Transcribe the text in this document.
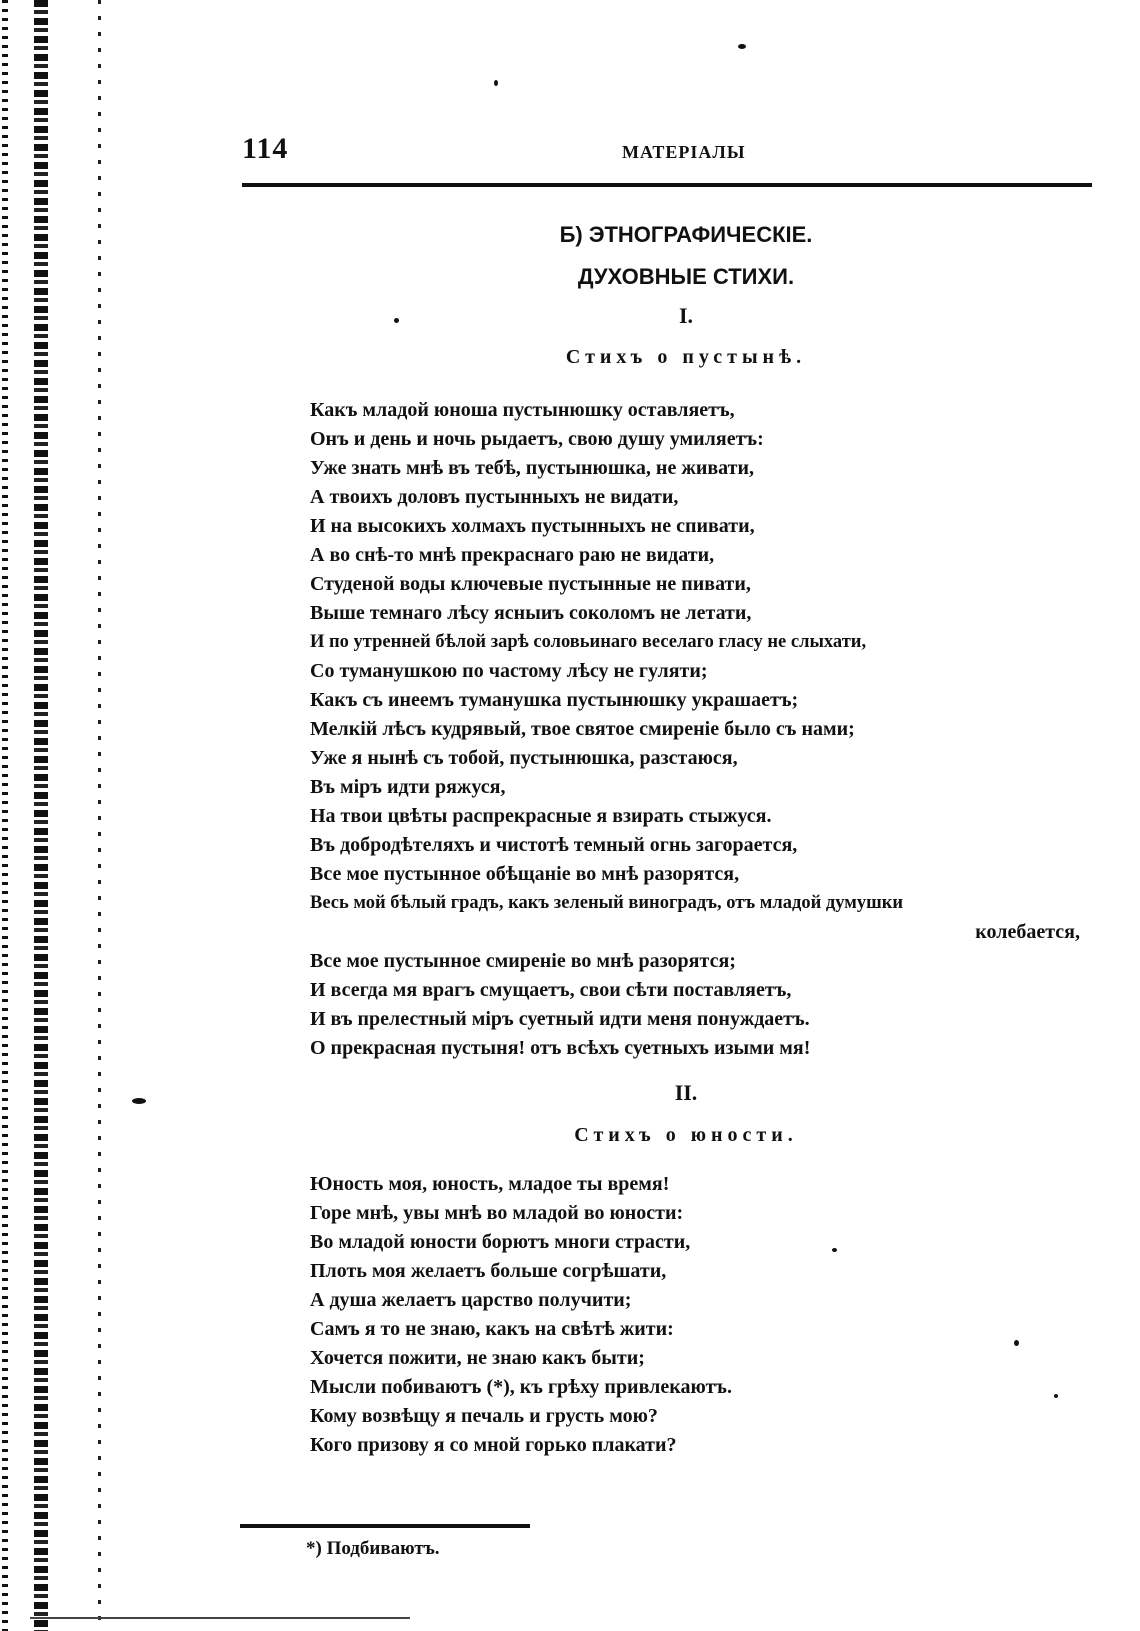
114	МАТЕРІАЛЫ
Б) ЭТНОГРАФИЧЕСКІЕ.
ДУХОВНЫЕ СТИХИ.
I.
Стихъ о пустынѣ.
Какъ младой юноша пустынюшку оставляетъ,
Онъ и день и ночь рыдаетъ, свою душу умиляетъ:
Уже знать мнѣ въ тебѣ, пустынюшка, не живати,
А твоихъ доловъ пустынныхъ не видати,
И на высокихъ холмахъ пустынныхъ не спивати,
А во снѣ-то мнѣ прекраснаго раю не видати,
Студеной воды ключевые пустынные не пивати,
Выше темнаго лѣсу ясныиъ соколомъ не летати,
И по утренней бѣлой зарѣ соловьинаго веселаго гласу не слыхати,
Со туманушкою по частому лѣсу не гуляти;
Какъ съ инеемъ туманушка пустынюшку украшаетъ;
Мелкій лѣсъ кудрявый, твое святое смиреніе было съ нами;
Уже я нынѣ съ тобой, пустынюшка, разстаюся,
Въ міръ идти ряжуся,
На твои цвѣты распрекрасные я взирать стыжуся.
Въ добродѣтеляхъ и чистотѣ темный огнь загорается,
Все мое пустынное обѣщаніе во мнѣ разорятся,
Весь мой бѣлый градъ, какъ зеленый виноградъ, отъ младой думушки
колебается,
Все мое пустынное смиреніе во мнѣ разорятся;
И всегда мя врагъ смущаетъ, свои сѣти поставляетъ,
И въ прелестный міръ суетный идти меня понуждаетъ.
О прекрасная пустыня! отъ всѣхъ суетныхъ изыми мя!
II.
Стихъ о юности.
Юность моя, юность, младое ты время!
Горе мнѣ, увы мнѣ во младой во юности:
Во младой юности борютъ многи страсти,
Плоть моя желаетъ больше согрѣшати,
А душа желаетъ царство получити;
Самъ я то не знаю, какъ на свѣтѣ жити:
Хочется пожити, не знаю какъ быти;
Мысли побиваютъ (*), къ грѣху привлекаютъ.
Кому возвѣщу я печаль и грусть мою?
Кого призову я со мной горько плакати?
*) Подбиваютъ.
